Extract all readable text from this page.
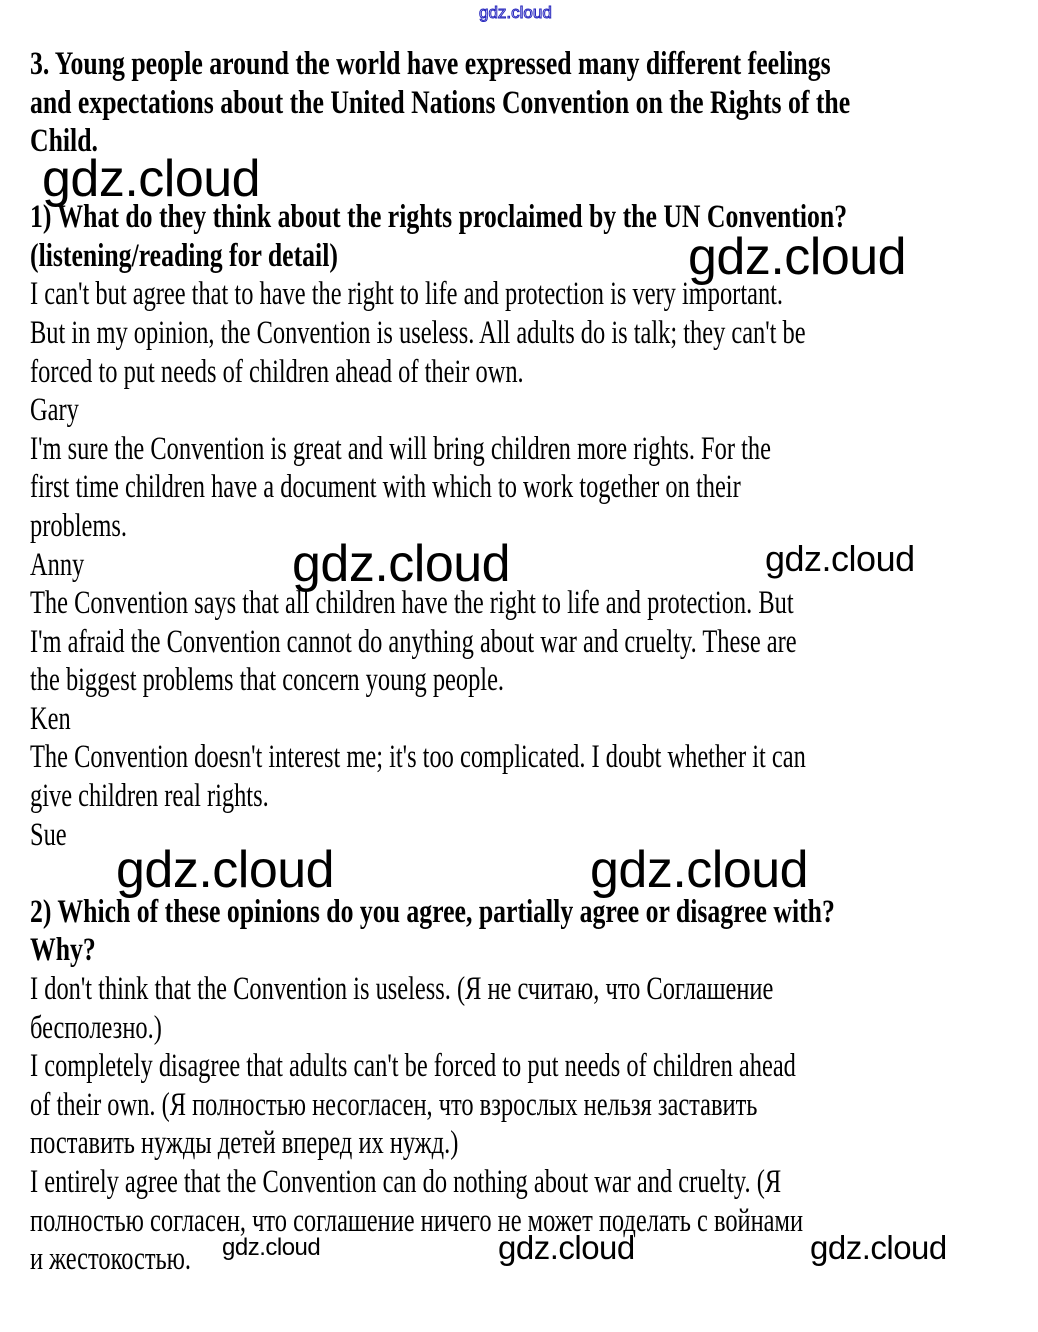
gdz.cloud
gdz.cloud
gdz.cloud
gdz.cloud	gdz.cloud
gdz.cloud	gdz.cloud
gdz.cloud	gdz.cloud	gdz.cloud
3. Young people around the world have expressed many different feelings
and expectations about the United Nations Convention on the Rights of the
Child.
1) What do they think about the rights proclaimed by the UN Convention?
(listening/reading for detail)
I can't but agree that to have the right to life and protection is very important.
But in my opinion, the Convention is useless. All adults do is talk; they can't be
forced to put needs of children ahead of their own.
Gary
I'm sure the Convention is great and will bring children more rights. For the
first time children have a document with which to work together on their
problems.
Anny
The Convention says that all children have the right to life and protection. But
I'm afraid the Convention cannot do anything about war and cruelty. These are
the biggest problems that concern young people.
Ken
The Convention doesn't interest me; it's too complicated. I doubt whether it can
give children real rights.
Sue
2) Which of these opinions do you agree, partially agree or disagree with?
Why?
I don't think that the Convention is useless. (Я не считаю, что Соглашение
бесполезно.)
I completely disagree that adults can't be forced to put needs of children ahead
of their own. (Я полностью несогласен, что взрослых нельзя заставить
поставить нужды детей вперед их нужд.)
I entirely agree that the Convention can do nothing about war and cruelty. (Я
полностью согласен, что соглашение ничего не может поделать с войнами
и жестокостью.
